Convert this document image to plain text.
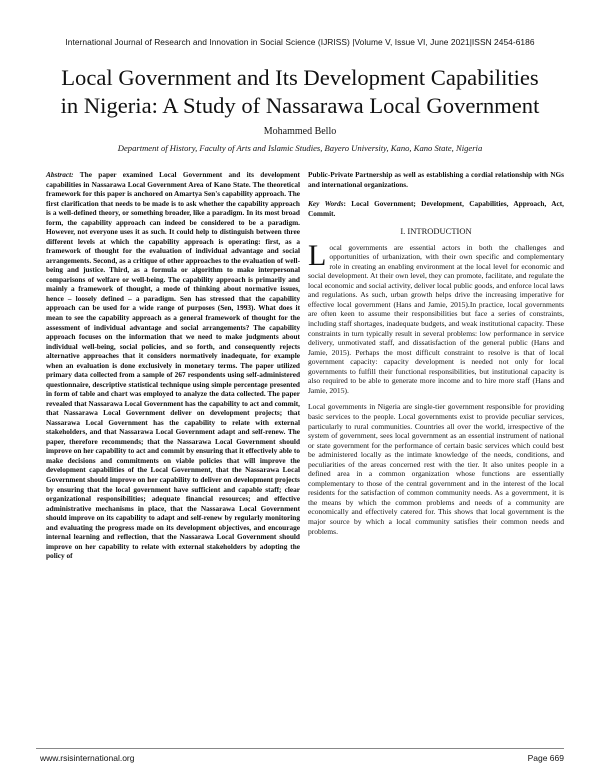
International Journal of Research and Innovation in Social Science (IJRISS) |Volume V, Issue VI, June 2021|ISSN 2454-6186
Local Government and Its Development Capabilities
in Nigeria: A Study of Nassarawa Local Government
Mohammed Bello
Department of History, Faculty of Arts and Islamic Studies, Bayero University, Kano, Kano State, Nigeria

Abstract: The paper examined Local Government and its development capabilities in Nassarawa Local Government Area of Kano State. The theoretical framework for this paper is anchored on Amartya Sen's capability approach. The first clarification that needs to be made is to ask whether the capability approach is a well-defined theory, or something broader, like a paradigm. In its most broad form, the capability approach can indeed be considered to be a paradigm. However, not everyone uses it as such. It could help to distinguish between three different levels at which the capability approach is operating: first, as a framework of thought for the evaluation of individual advantage and social arrangements. Second, as a critique of other approaches to the evaluation of well-being and justice. Third, as a formula or algorithm to make interpersonal comparisons of welfare or well-being. The capability approach is primarily and mainly a framework of thought, a mode of thinking about normative issues, hence – loosely defined – a paradigm. Sen has stressed that the capability approach can be used for a wide range of purposes (Sen, 1993). What does it mean to see the capability approach as a general framework of thought for the assessment of individual advantage and social arrangements? The capability approach focuses on the information that we need to make judgments about individual well-being, social policies, and so forth, and consequently rejects alternative approaches that it considers normatively inadequate, for example when an evaluation is done exclusively in monetary terms. The paper utilized primary data collected from a sample of 267 respondents using self-administered questionnaire, descriptive statistical technique using simple percentage presented in form of table and chart was employed to analyze the data collected. The paper revealed that Nassarawa Local Government has the capability to act and commit, that Nassarawa Local Government deliver on development projects; that Nassarawa Local Government has the capability to relate with external stakeholders, and that Nassarawa Local Government adapt and self-renew. The paper, therefore recommends; that the Nassarawa Local Government should improve on her capability to act and commit by ensuring that it effectively able to make decisions and commitments on viable policies that will improve the development capabilities of the Local Government, that the Nassarawa Local Government should improve on her capability to deliver on development projects by ensuring that the local government have sufficient and capable staff; clear organizational responsibilities; adequate financial resources; and effective administrative mechanisms in place, that the Nassarawa Local Government should improve on its capability to adapt and self-renew by regularly monitoring and evaluating the progress made on its development objectives, and encourage internal learning and reflection, that the Nassarawa Local Government should improve on her capability to relate with external stakeholders by adopting the policy of

Public-Private Partnership as well as establishing a cordial relationship with NGs and international organizations.

Key Words: Local Government; Development, Capabilities, Approach, Act, Commit.

I. INTRODUCTION

Local governments are essential actors in both the challenges and opportunities of urbanization, with their own specific and complementary role in creating an enabling environment at the local level for economic and social development. At their own level, they can promote, facilitate, and regulate the local economic and social activity, deliver local public goods, and enforce local laws and regulations. As such, urban growth helps drive the increasing imperative for effective local government (Hans and Jamie, 2015).In practice, local governments are often keen to assume their responsibilities but face a series of constraints, including staff shortages, inadequate budgets, and weak institutional capacity. These constraints in turn typically result in several problems: low performance in service delivery, unmotivated staff, and dissatisfaction of the general public (Hans and Jamie, 2015). Perhaps the most difficult constraint to resolve is that of local government capacity: capacity development is needed not only for local governments to fulfill their functional responsibilities, but institutional capacity is also required to be able to generate more income and to hire more staff (Hans and Jamie, 2015).

Local governments in Nigeria are single-tier government responsible for providing basic services to the people. Local governments exist to provide peculiar services, particularly to rural communities. Countries all over the world, irrespective of the system of government, sees local government as an essential instrument of national or state government for the performance of certain basic services which could best be administered locally as the intimate knowledge of the needs, conditions, and peculiarities of the areas concerned rest with the tier. It also unites people in a defined area in a common organization whose functions are essentially complementary to those of the central government and in the interest of the local residents for the satisfaction of common community needs. As a government, it is the means by which the common problems and needs of a community are economically and effectively catered for. This shows that local government is the major source by which a local community satisfies their common needs and problems.

www.rsisinternational.org	Page 669
